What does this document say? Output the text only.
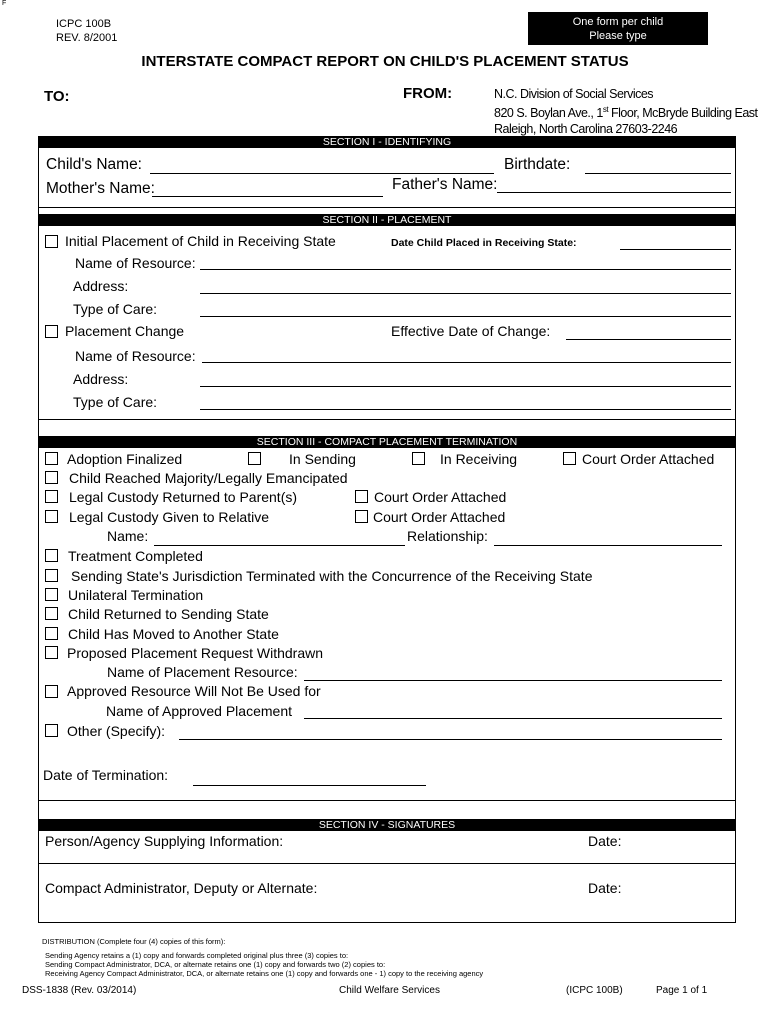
F
ICPC 100B
REV. 8/2001
One form per child
Please type
INTERSTATE COMPACT REPORT ON CHILD'S PLACEMENT STATUS
TO:	FROM:	N.C. Division of Social Services
820 S. Boylan Ave., 1st Floor, McBryde Building East
Raleigh, North Carolina 27603-2246
SECTION I - IDENTIFYING
Child's Name:	Birthdate:
Mother's Name:	Father's Name:
SECTION II - PLACEMENT
Initial Placement of Child in Receiving State	Date Child Placed in Receiving State:
Name of Resource:
Address:
Type of Care:
Placement Change	Effective Date of Change:
Name of Resource:
Address:
Type of Care:
SECTION III - COMPACT PLACEMENT TERMINATION
Adoption Finalized	In Sending	In Receiving	Court Order Attached
Child Reached Majority/Legally Emancipated
Legal Custody Returned to Parent(s)	Court Order Attached
Legal Custody Given to Relative	Court Order Attached
Name:	Relationship:
Treatment Completed
Sending State's Jurisdiction Terminated with the Concurrence of the Receiving State
Unilateral Termination
Child Returned to Sending State
Child Has Moved to Another State
Proposed Placement Request Withdrawn
Name of Placement Resource:
Approved Resource Will Not Be Used for
Name of Approved Placement
Other (Specify):
Date of Termination:
SECTION IV - SIGNATURES
Person/Agency Supplying Information:	Date:
Compact Administrator, Deputy or Alternate:	Date:
DISTRIBUTION (Complete four (4) copies of this form):
Sending Agency retains a (1) copy and forwards completed original plus three (3) copies to:
Sending Compact Administrator, DCA, or alternate retains one (1) copy and forwards two (2) copies to:
Receiving Agency Compact Administrator, DCA, or alternate retains one (1) copy and forwards one - 1) copy to the receiving agency
DSS-1838 (Rev. 03/2014)	Child Welfare Services	(ICPC 100B)	Page 1 of 1
